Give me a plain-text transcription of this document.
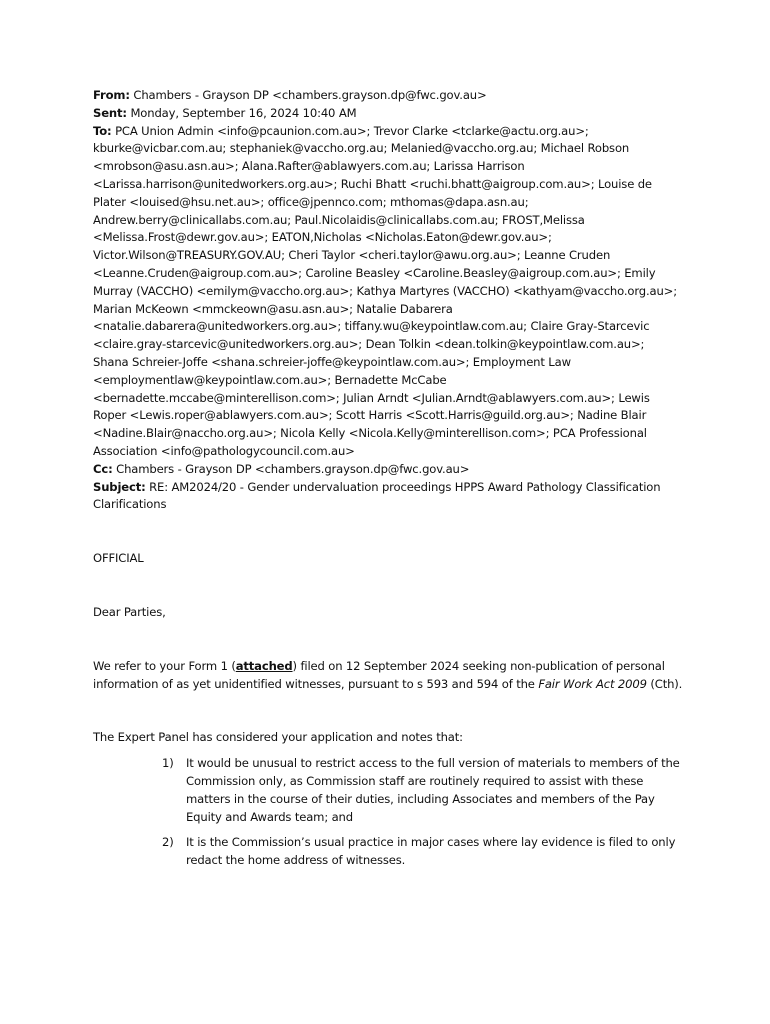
From: Chambers - Grayson DP <chambers.grayson.dp@fwc.gov.au>

Sent: Monday, September 16, 2024 10:40 AM

To: PCA Union Admin <info@pcaunion.com.au>; Trevor Clarke <tclarke@actu.org.au>; kburke@vicbar.com.au; stephaniek@vaccho.org.au; Melanied@vaccho.org.au; Michael Robson <mrobson@asu.asn.au>; Alana.Rafter@ablawyers.com.au; Larissa Harrison <Larissa.harrison@unitedworkers.org.au>; Ruchi Bhatt <ruchi.bhatt@aigroup.com.au>; Louise de Plater <louised@hsu.net.au>; office@jpennco.com; mthomas@dapa.asn.au; Andrew.berry@clinicallabs.com.au; Paul.Nicolaidis@clinicallabs.com.au; FROST,Melissa <Melissa.Frost@dewr.gov.au>; EATON,Nicholas <Nicholas.Eaton@dewr.gov.au>; Victor.Wilson@TREASURY.GOV.AU; Cheri Taylor <cheri.taylor@awu.org.au>; Leanne Cruden <Leanne.Cruden@aigroup.com.au>; Caroline Beasley <Caroline.Beasley@aigroup.com.au>; Emily Murray (VACCHO) <emilym@vaccho.org.au>; Kathya Martyres (VACCHO) <kathyam@vaccho.org.au>; Marian McKeown <mmckeown@asu.asn.au>; Natalie Dabarera <natalie.dabarera@unitedworkers.org.au>; tiffany.wu@keypointlaw.com.au; Claire Gray-Starcevic <claire.gray-starcevic@unitedworkers.org.au>; Dean Tolkin <dean.tolkin@keypointlaw.com.au>; Shana Schreier-Joffe <shana.schreier-joffe@keypointlaw.com.au>; Employment Law <employmentlaw@keypointlaw.com.au>; Bernadette McCabe <bernadette.mccabe@minterellison.com>; Julian Arndt <Julian.Arndt@ablawyers.com.au>; Lewis Roper <Lewis.roper@ablawyers.com.au>; Scott Harris <Scott.Harris@guild.org.au>; Nadine Blair <Nadine.Blair@naccho.org.au>; Nicola Kelly <Nicola.Kelly@minterellison.com>; PCA Professional Association <info@pathologycouncil.com.au>

Cc: Chambers - Grayson DP <chambers.grayson.dp@fwc.gov.au>

Subject: RE: AM2024/20 - Gender undervaluation proceedings HPPS Award Pathology Classification Clarifications

OFFICIAL

Dear Parties,

We refer to your Form 1 (attached) filed on 12 September 2024 seeking non-publication of personal information of as yet unidentified witnesses, pursuant to s 593 and 594 of the Fair Work Act 2009 (Cth).

The Expert Panel has considered your application and notes that:

1) It would be unusual to restrict access to the full version of materials to members of the Commission only, as Commission staff are routinely required to assist with these matters in the course of their duties, including Associates and members of the Pay Equity and Awards team; and
2) It is the Commission’s usual practice in major cases where lay evidence is filed to only redact the home address of witnesses.
